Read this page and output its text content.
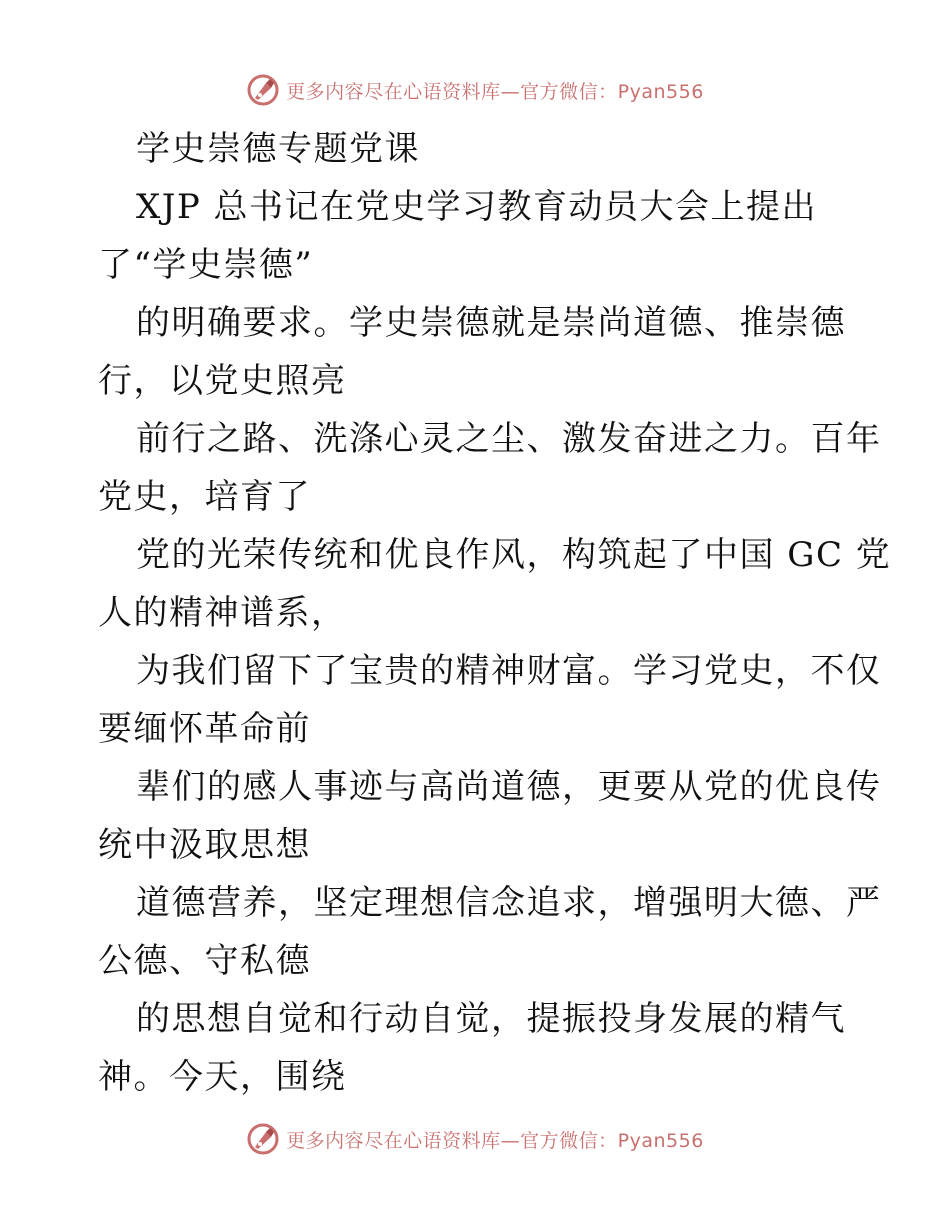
更多内容尽在心语资料库—官方微信：Pyan556
学史崇德专题党课
XJP 总书记在党史学习教育动员大会上提出
了“学史崇德”
的明确要求。学史崇德就是崇尚道德、推崇德
行，以党史照亮
前行之路、洗涤心灵之尘、激发奋进之力。百年
党史，培育了
党的光荣传统和优良作风，构筑起了中国 GC 党
人的精神谱系，
为我们留下了宝贵的精神财富。学习党史，不仅
要缅怀革命前
辈们的感人事迹与高尚道德，更要从党的优良传
统中汲取思想
道德营养，坚定理想信念追求，增强明大德、严
公德、守私德
的思想自觉和行动自觉，提振投身发展的精气
神。今天，围绕
更多内容尽在心语资料库—官方微信：Pyan556
